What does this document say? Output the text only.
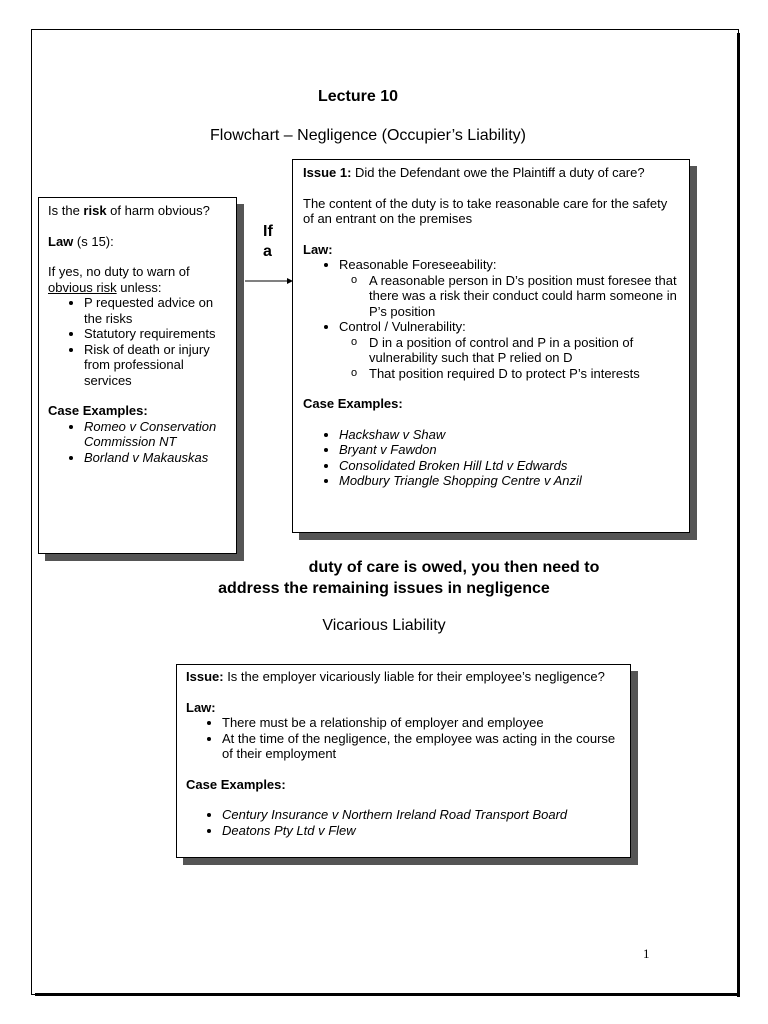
Lecture 10
Flowchart – Negligence (Occupier’s Liability)

Is the risk of harm obvious?

Law (s 15):

If yes, no duty to warn of obvious risk unless:

• P requested advice on the risks
• Statutory requirements
• Risk of death or injury from professional services

Case Examples:

• Romeo v Conservation Commission NT
• Borland v Makauskas
If
a

Issue 1: Did the Defendant owe the Plaintiff a duty of care?

The content of the duty is to take reasonable care for the safety of an entrant on the premises

Law:

• Reasonable Foreseeability:
o A reasonable person in D’s position must foresee that there was a risk their conduct could harm someone in P’s position
• Control / Vulnerability:
o D in a position of control and P in a position of vulnerability such that P relied on D
o That position required D to protect P’s interests

Case Examples:

• Hackshaw v Shaw
• Bryant v Fawdon
• Consolidated Broken Hill Ltd v Edwards
• Modbury Triangle Shopping Centre v Anzil
duty of care is owed, you then need to
address the remaining issues in negligence
Vicarious Liability

Issue: Is the employer vicariously liable for their employee’s negligence?

Law:

• There must be a relationship of employer and employee
• At the time of the negligence, the employee was acting in the course of their employment

Case Examples:

• Century Insurance v Northern Ireland Road Transport Board
• Deatons Pty Ltd v Flew
1
